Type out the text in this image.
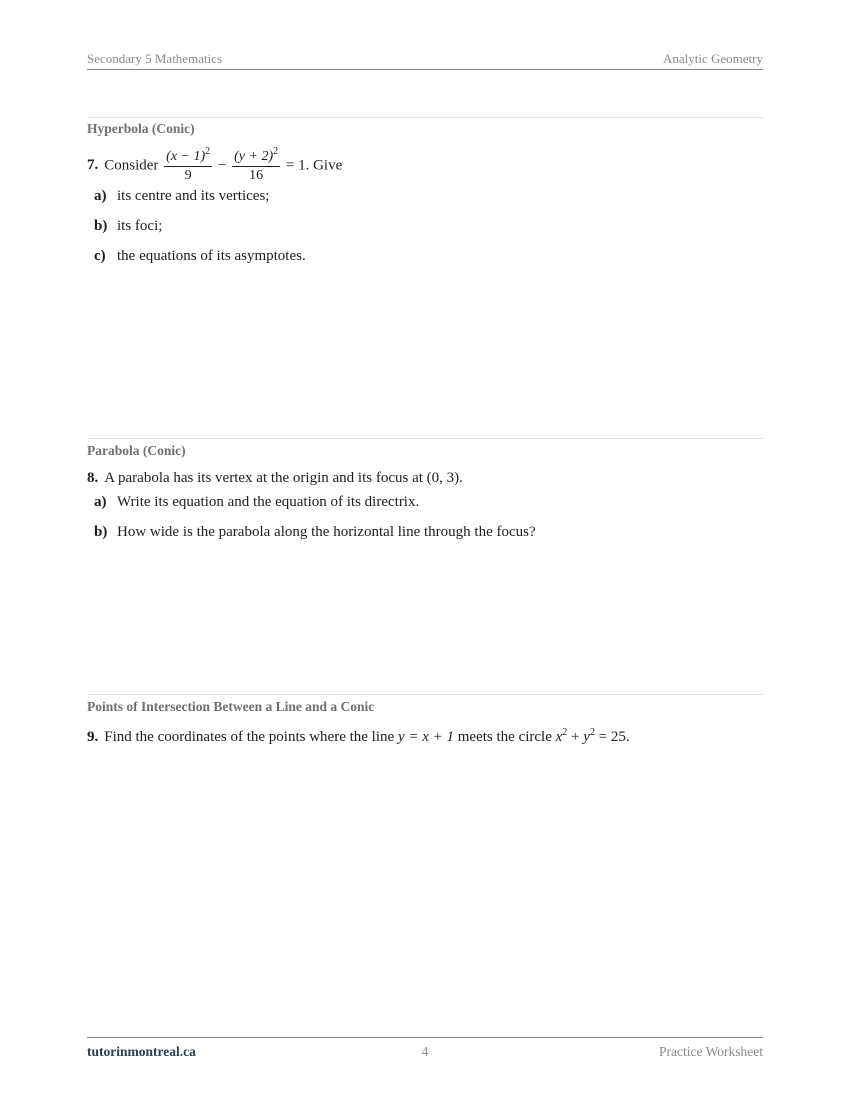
Secondary 5 Mathematics	Analytic Geometry
Hyperbola (Conic)
7. Consider $\frac{(x - 1)^2}{9} - \frac{(y + 2)^2}{16} = 1$. Give
a) its centre and its vertices;
b) its foci;
c) the equations of its asymptotes.
Parabola (Conic)
8. A parabola has its vertex at the origin and its focus at (0, 3).
a) Write its equation and the equation of its directrix.
b) How wide is the parabola along the horizontal line through the focus?
Points of Intersection Between a Line and a Conic
9. Find the coordinates of the points where the line y = x + 1 meets the circle $x^2 + y^2 = 25$.
tutorinmontreal.ca	4	Practice Worksheet
